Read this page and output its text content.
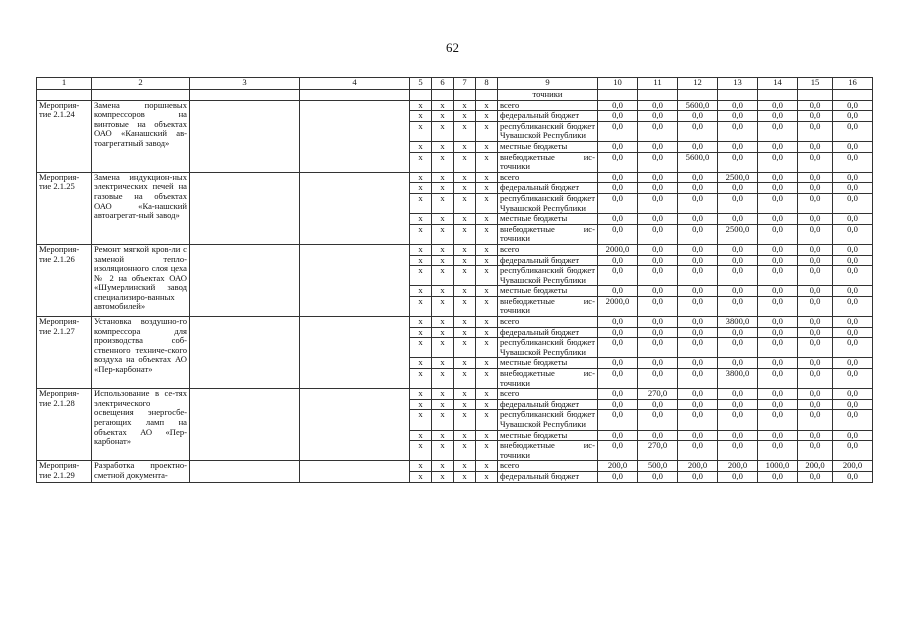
62
1	2	3	4	5	6	7	8	9	10	11	12	13	14	15	16
								точники							
Мероприя-тие 2.1.24	Замена поршневых компрессоров на винтовые на объектах ОАО «Канашский ав-тоагрегатный завод»			x	x	x	x	всего	0,0	0,0	5600,0	0,0	0,0	0,0	0,0
				x	x	x	x	федеральный бюджет	0,0	0,0	0,0	0,0	0,0	0,0	0,0
				x	x	x	x	республиканский бюджет Чувашской Республики	0,0	0,0	0,0	0,0	0,0	0,0	0,0
				x	x	x	x	местные бюджеты	0,0	0,0	0,0	0,0	0,0	0,0	0,0
				x	x	x	x	внебюджетные ис-точники	0,0	0,0	5600,0	0,0	0,0	0,0	0,0
Мероприя-тие 2.1.25	Замена индукцион-ных электрических печей на газовые на объектах ОАО «Ка-нашский автоагрегат-ный завод»			x	x	x	x	всего	0,0	0,0	0,0	2500,0	0,0	0,0	0,0
				x	x	x	x	федеральный бюджет	0,0	0,0	0,0	0,0	0,0	0,0	0,0
				x	x	x	x	республиканский бюджет Чувашской Республики	0,0	0,0	0,0	0,0	0,0	0,0	0,0
				x	x	x	x	местные бюджеты	0,0	0,0	0,0	0,0	0,0	0,0	0,0
				x	x	x	x	внебюджетные ис-точники	0,0	0,0	0,0	2500,0	0,0	0,0	0,0
Мероприя-тие 2.1.26	Ремонт мягкой кров-ли с заменой тепло-изоляционного слоя цеха № 2 на объектах ОАО «Шумерлинский завод специализиро-ванных автомобилей»			x	x	x	x	всего	2000,0	0,0	0,0	0,0	0,0	0,0	0,0
				x	x	x	x	федеральный бюджет	0,0	0,0	0,0	0,0	0,0	0,0	0,0
				x	x	x	x	республиканский бюджет Чувашской Республики	0,0	0,0	0,0	0,0	0,0	0,0	0,0
				x	x	x	x	местные бюджеты	0,0	0,0	0,0	0,0	0,0	0,0	0,0
				x	x	x	x	внебюджетные ис-точники	2000,0	0,0	0,0	0,0	0,0	0,0	0,0
Мероприя-тие 2.1.27	Установка воздушно-го компрессора для производства соб-ственного техниче-ского воздуха на объектах АО «Пер-карбонат»			x	x	x	x	всего	0,0	0,0	0,0	3800,0	0,0	0,0	0,0
				x	x	x	x	федеральный бюджет	0,0	0,0	0,0	0,0	0,0	0,0	0,0
				x	x	x	x	республиканский бюджет Чувашской Республики	0,0	0,0	0,0	0,0	0,0	0,0	0,0
				x	x	x	x	местные бюджеты	0,0	0,0	0,0	0,0	0,0	0,0	0,0
				x	x	x	x	внебюджетные ис-точники	0,0	0,0	0,0	3800,0	0,0	0,0	0,0
Мероприя-тие 2.1.28	Использование в се-тях электрического освещения энергосбе-регающих ламп на объектах АО «Пер-карбонат»			x	x	x	x	всего	0,0	270,0	0,0	0,0	0,0	0,0	0,0
				x	x	x	x	федеральный бюджет	0,0	0,0	0,0	0,0	0,0	0,0	0,0
				x	x	x	x	республиканский бюджет Чувашской Республики	0,0	0,0	0,0	0,0	0,0	0,0	0,0
				x	x	x	x	местные бюджеты	0,0	0,0	0,0	0,0	0,0	0,0	0,0
				x	x	x	x	внебюджетные ис-точники	0,0	270,0	0,0	0,0	0,0	0,0	0,0
Мероприя-тие 2.1.29	Разработка проектно-сметной документа-			x	x	x	x	всего	200,0	500,0	200,0	200,0	1000,0	200,0	200,0
				x	x	x	x	федеральный бюджет	0,0	0,0	0,0	0,0	0,0	0,0	0,0
